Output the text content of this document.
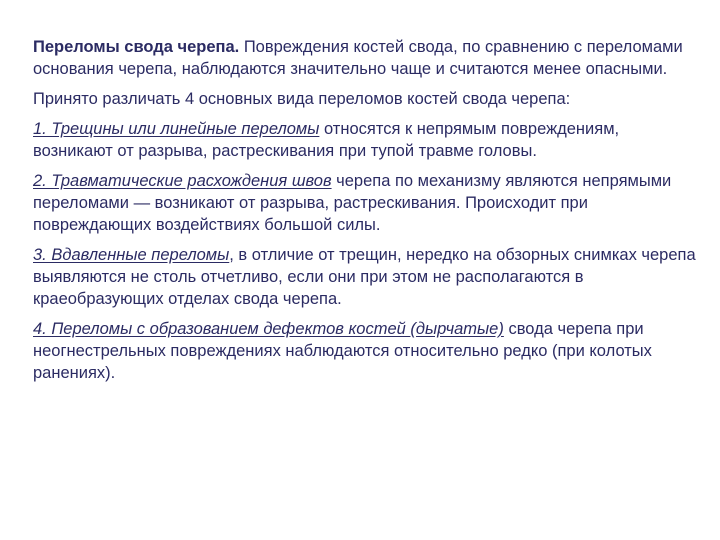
Переломы свода черепа. Повреждения костей свода, по сравнению с переломами основания черепа, наблюдаются значительно чаще и считаются менее опасными.

Принято различать 4 основных вида переломов костей свода черепа:

1. Трещины или линейные переломы относятся к непрямым повреждениям, возникают от разрыва, растрескивания при тупой травме головы.

2. Травматические расхождения швов черепа по механизму являются непрямыми переломами — возникают от разрыва, растрескивания. Происходит при повреждающих воздействиях большой силы.

3. Вдавленные переломы, в отличие от трещин, нередко на обзорных снимках черепа выявляются не столь отчетливо, если они при этом не располагаются в краеобразующих отделах свода черепа.

4. Переломы с образованием дефектов костей (дырчатые) свода черепа при неогнестрельных повреждениях наблюдаются относительно редко (при колотых ранениях).
